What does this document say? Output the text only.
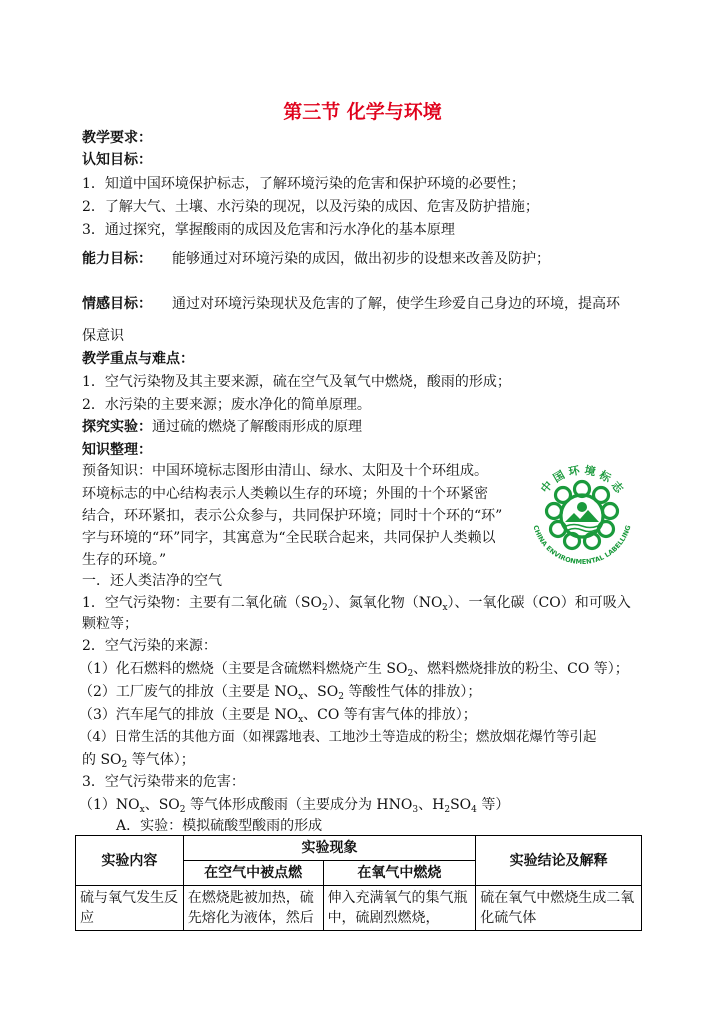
第三节 化学与环境
教学要求：
认知目标：
1．知道中国环境保护标志，了解环境污染的危害和保护环境的必要性；
2．了解大气、土壤、水污染的现况，以及污染的成因、危害及防护措施；
3．通过探究，掌握酸雨的成因及危害和污水净化的基本原理
能力目标： 能够通过对环境污染的成因，做出初步的设想来改善及防护；
情感目标： 通过对环境污染现状及危害的了解，使学生珍爱自己身边的环境，提高环
保意识
教学重点与难点：
1．空气污染物及其主要来源，硫在空气及氧气中燃烧，酸雨的形成；
2．水污染的主要来源；废水净化的简单原理。
探究实验：通过硫的燃烧了解酸雨形成的原理
知识整理：
预备知识：中国环境标志图形由清山、绿水、太阳及十个环组成。
环境标志的中心结构表示人类赖以生存的环境；外围的十个环紧密
结合，环环紧扣，表示公众参与，共同保护环境；同时十个环的“环”
字与环境的“环”同字，其寓意为“全民联合起来，共同保护人类赖以
生存的环境。”
中 国 环 境 标 志
CHINA ENVIRONMENTAL LABELLING
一．还人类洁净的空气
1．空气污染物：主要有二氧化硫$(SO_2)$、氮氧化物$(NO_x)$、一氧化碳（CO）和可吸入
颗粒等；
2．空气污染的来源：
（1）化石燃料的燃烧（主要是含硫燃料燃烧产生 $SO_2$、燃料燃烧排放的粉尘、CO 等）；
（2）工厂废气的排放（主要是 $NO_x$、$SO_2$ 等酸性气体的排放）；
（3）汽车尾气的排放（主要是 $NO_x$、CO 等有害气体的排放）；
（4）日常生活的其他方面（如裸露地表、工地沙土等造成的粉尘；燃放烟花爆竹等引起
的 $SO_2$ 等气体）；
3．空气污染带来的危害：
$(1)NO_x$、$SO_2$ 等气体形成酸雨（主要成分为 $HNO_3$、$H_2SO_4$ 等）
A．实验：模拟硫酸型酸雨的形成
实验内容	实验现象		实验结论及解释
	在空气中被点燃	在氧气中燃烧	
硫与氧气发生反应	在燃烧匙被加热，硫先熔化为液体，然后	伸入充满氧气的集气瓶中，硫剧烈燃烧，	硫在氧气中燃烧生成二氧化硫气体
